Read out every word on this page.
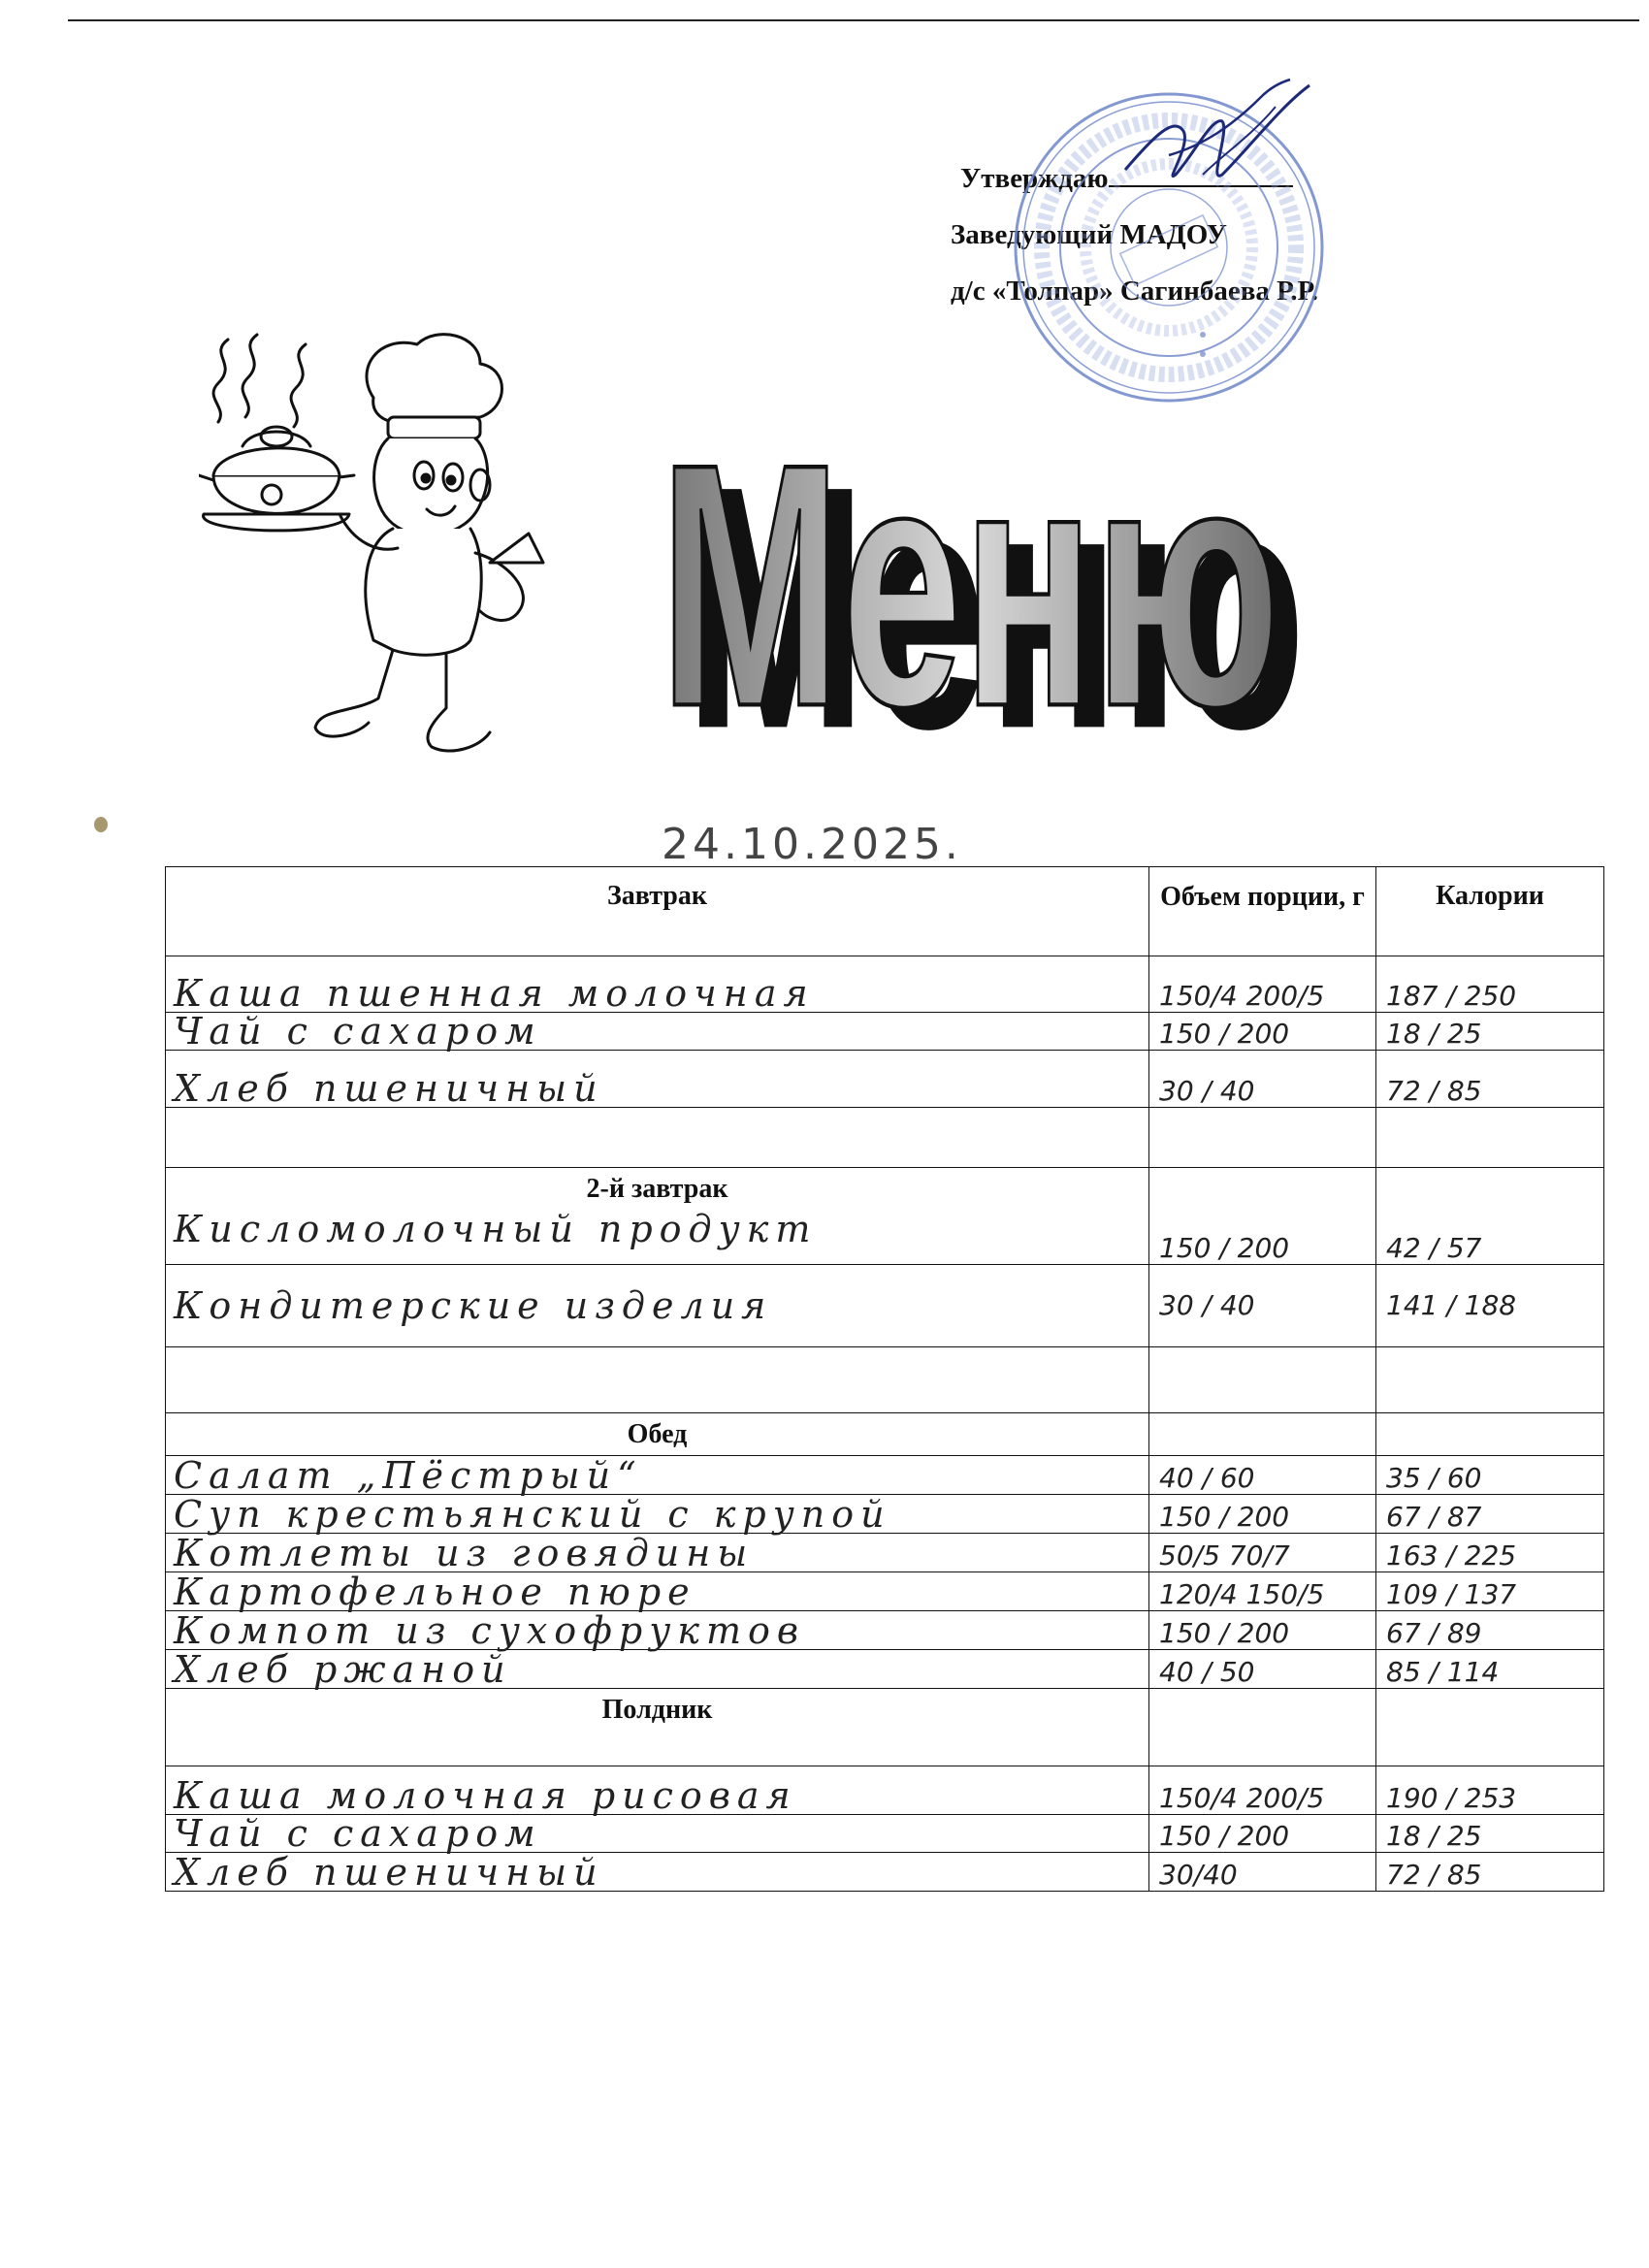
Утверждаю
Заведующий МАДОУ
д/с «Толпар» Сагинбаева Р.Р.
Меню
Меню
24.10.2025.
Завтрак	Объем порции, г	Калории
Каша пшенная молочная	150/4 200/5	187 / 250
Чай с сахаром	150 / 200	18 / 25
Хлеб пшеничный	30 / 40	72 / 85

2-й завтрак
Кисломолочный продукт	150 / 200	42 / 57
Кондитерские изделия	30 / 40	141 / 188

Обед		
Салат „Пёстрый“	40 / 60	35 / 60
Суп крестьянский с крупой	150 / 200	67 / 87
Котлеты из говядины	50/5 70/7	163 / 225
Картофельное пюре	120/4 150/5	109 / 137
Компот из сухофруктов	150 / 200	67 / 89
Хлеб ржаной	40 / 50	85 / 114
Полдник		
Каша молочная рисовая	150/4 200/5	190 / 253
Чай с сахаром	150 / 200	18 / 25
Хлеб пшеничный	30/40	72 / 85
